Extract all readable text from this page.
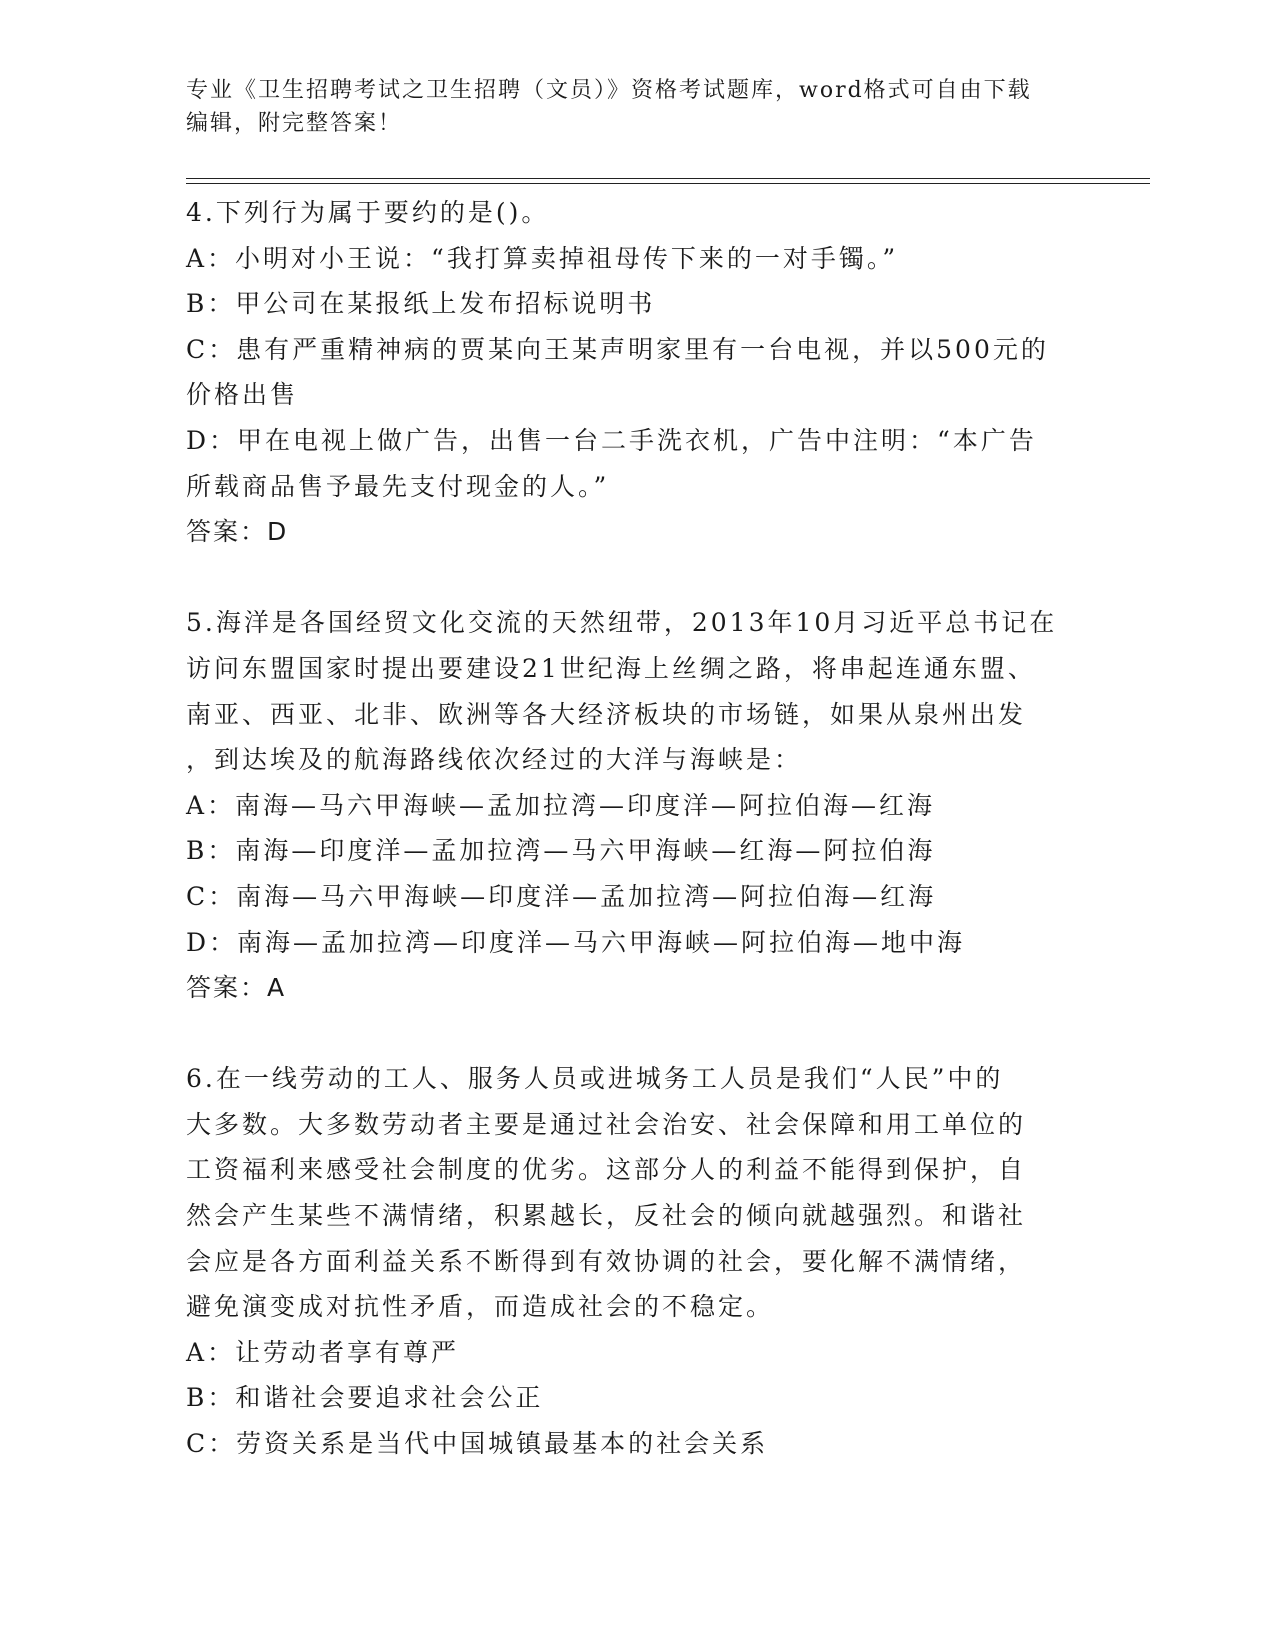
专业《卫生招聘考试之卫生招聘（文员）》资格考试题库，word格式可自由下载
编辑，附完整答案！
4.下列行为属于要约的是()。
A：小明对小王说：“我打算卖掉祖母传下来的一对手镯。”
B：甲公司在某报纸上发布招标说明书
C：患有严重精神病的贾某向王某声明家里有一台电视，并以500元的
价格出售
D：甲在电视上做广告，出售一台二手洗衣机，广告中注明：“本广告
所载商品售予最先支付现金的人。”
答案：D
5.海洋是各国经贸文化交流的天然纽带，2013年10月习近平总书记在
访问东盟国家时提出要建设21世纪海上丝绸之路，将串起连通东盟、
南亚、西亚、北非、欧洲等各大经济板块的市场链，如果从泉州出发
，到达埃及的航海路线依次经过的大洋与海峡是：
A：南海—马六甲海峡—孟加拉湾—印度洋—阿拉伯海—红海
B：南海—印度洋—孟加拉湾—马六甲海峡—红海—阿拉伯海
C：南海—马六甲海峡—印度洋—孟加拉湾—阿拉伯海—红海
D：南海—孟加拉湾—印度洋—马六甲海峡—阿拉伯海—地中海
答案：A
6.在一线劳动的工人、服务人员或进城务工人员是我们“人民”中的
大多数。大多数劳动者主要是通过社会治安、社会保障和用工单位的
工资福利来感受社会制度的优劣。这部分人的利益不能得到保护，自
然会产生某些不满情绪，积累越长，反社会的倾向就越强烈。和谐社
会应是各方面利益关系不断得到有效协调的社会，要化解不满情绪，
避免演变成对抗性矛盾，而造成社会的不稳定。
A：让劳动者享有尊严
B：和谐社会要追求社会公正
C：劳资关系是当代中国城镇最基本的社会关系
